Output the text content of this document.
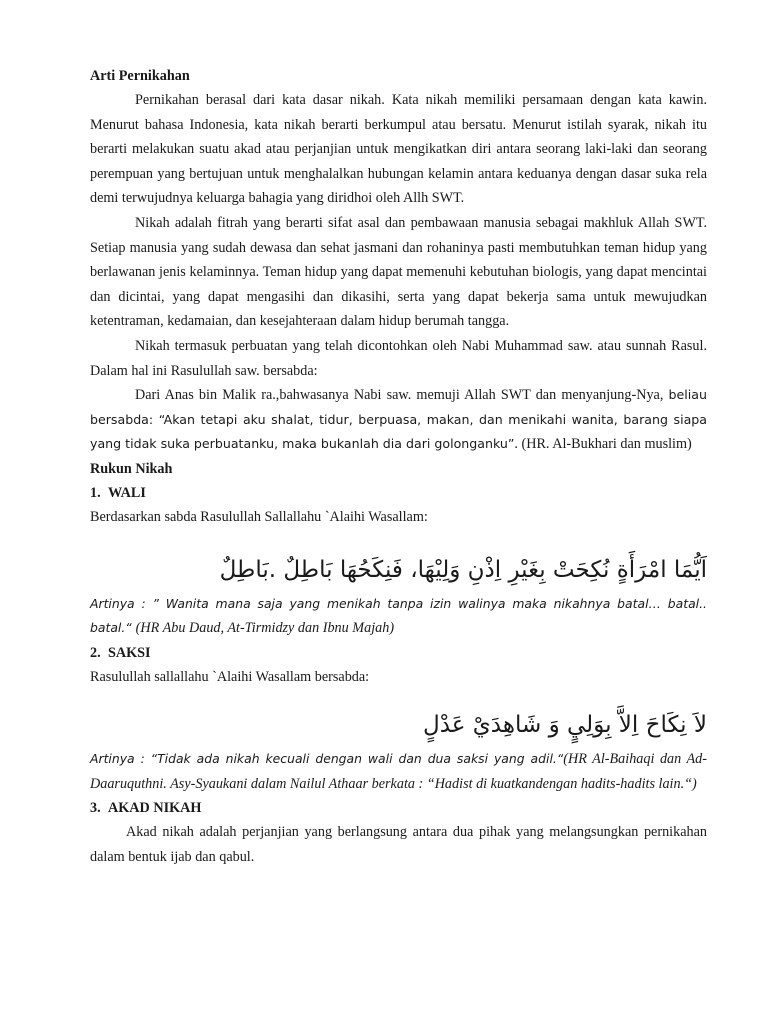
Arti Pernikahan

Pernikahan berasal dari kata dasar nikah. Kata nikah memiliki persamaan dengan kata kawin. Menurut bahasa Indonesia, kata nikah berarti berkumpul atau bersatu. Menurut istilah syarak, nikah itu berarti melakukan suatu akad atau perjanjian untuk mengikatkan diri antara seorang laki-laki dan seorang perempuan yang bertujuan untuk menghalalkan hubungan kelamin antara keduanya dengan dasar suka rela demi terwujudnya keluarga bahagia yang diridhoi oleh Allh SWT.

Nikah adalah fitrah yang berarti sifat asal dan pembawaan manusia sebagai makhluk Allah SWT. Setiap manusia yang sudah dewasa dan sehat jasmani dan rohaninya pasti membutuhkan teman hidup yang berlawanan jenis kelaminnya. Teman hidup yang dapat memenuhi kebutuhan biologis, yang dapat mencintai dan dicintai, yang dapat mengasihi dan dikasihi, serta yang dapat bekerja sama untuk mewujudkan ketentraman, kedamaian, dan kesejahteraan dalam hidup berumah tangga.

Nikah termasuk perbuatan yang telah dicontohkan oleh Nabi Muhammad saw. atau sunnah Rasul. Dalam hal ini Rasulullah saw. bersabda:

Dari Anas bin Malik ra.,bahwasanya Nabi saw. memuji Allah SWT dan menyanjung-Nya, beliau bersabda: “Akan tetapi aku shalat, tidur, berpuasa, makan, dan menikahi wanita, barang siapa yang tidak suka perbuatanku, maka bukanlah dia dari golonganku”. (HR. Al-Bukhari dan muslim)

Rukun Nikah

1. WALI

Berdasarkan sabda Rasulullah Sallallahu `Alaihi Wasallam:

اَيُّمَا امْرَأَةٍ نُكِحَتْ بِغَيْرِ اِذْنِ وَلِيْهَا، فَنِكَحُهَا بَاطِلٌ .بَاطِلٌ

Artinya : ” Wanita mana saja yang menikah tanpa izin walinya maka nikahnya batal… batal.. batal.“ (HR Abu Daud, At-Tirmidzy dan Ibnu Majah)

2. SAKSI

Rasulullah sallallahu `Alaihi Wasallam bersabda:

لاَ نِكَاحَ اِلاَّ بِوَلِيٍ وَ شَاهِدَيْ عَدْلٍ

Artinya : “Tidak ada nikah kecuali dengan wali dan dua saksi yang adil.“(HR Al-Baihaqi dan Ad-Daaruquthni. Asy-Syaukani dalam Nailul Athaar berkata : “Hadist di kuatkandengan hadits-hadits lain.“)

3. AKAD NIKAH

Akad nikah adalah perjanjian yang berlangsung antara dua pihak yang melangsungkan pernikahan dalam bentuk ijab dan qabul.
